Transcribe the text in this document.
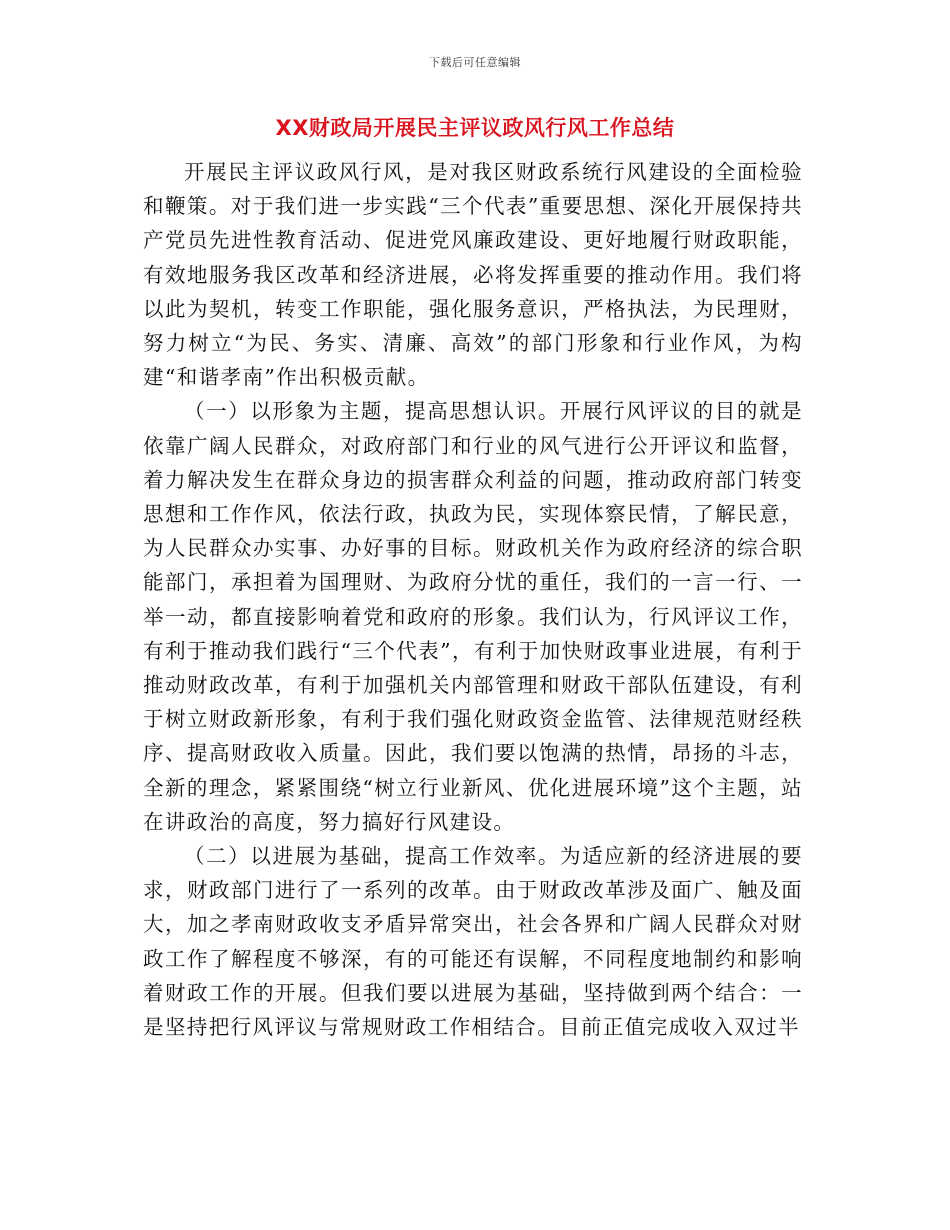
下载后可任意编辑
XX财政局开展民主评议政风行风工作总结

开展民主评议政风行风，是对我区财政系统行风建设的全面检验和鞭策。对于我们进一步实践“三个代表”重要思想、深化开展保持共产党员先进性教育活动、促进党风廉政建设、更好地履行财政职能，有效地服务我区改革和经济进展，必将发挥重要的推动作用。我们将以此为契机，转变工作职能，强化服务意识，严格执法，为民理财，努力树立“为民、务实、清廉、高效”的部门形象和行业作风，为构建“和谐孝南”作出积极贡献。

（一）以形象为主题，提高思想认识。开展行风评议的目的就是依靠广阔人民群众，对政府部门和行业的风气进行公开评议和监督，着力解决发生在群众身边的损害群众利益的问题，推动政府部门转变思想和工作作风，依法行政，执政为民，实现体察民情，了解民意，为人民群众办实事、办好事的目标。财政机关作为政府经济的综合职能部门，承担着为国理财、为政府分忧的重任，我们的一言一行、一举一动，都直接影响着党和政府的形象。我们认为，行风评议工作，有利于推动我们践行“三个代表”，有利于加快财政事业进展，有利于推动财政改革，有利于加强机关内部管理和财政干部队伍建设，有利于树立财政新形象，有利于我们强化财政资金监管、法律规范财经秩序、提高财政收入质量。因此，我们要以饱满的热情，昂扬的斗志，全新的理念，紧紧围绕“树立行业新风、优化进展环境”这个主题，站在讲政治的高度，努力搞好行风建设。

（二）以进展为基础，提高工作效率。为适应新的经济进展的要求，财政部门进行了一系列的改革。由于财政改革涉及面广、触及面大，加之孝南财政收支矛盾异常突出，社会各界和广阔人民群众对财政工作了解程度不够深，有的可能还有误解，不同程度地制约和影响着财政工作的开展。但我们要以进展为基础，坚持做到两个结合：一是坚持把行风评议与常规财政工作相结合。目前正值完成收入双过半
